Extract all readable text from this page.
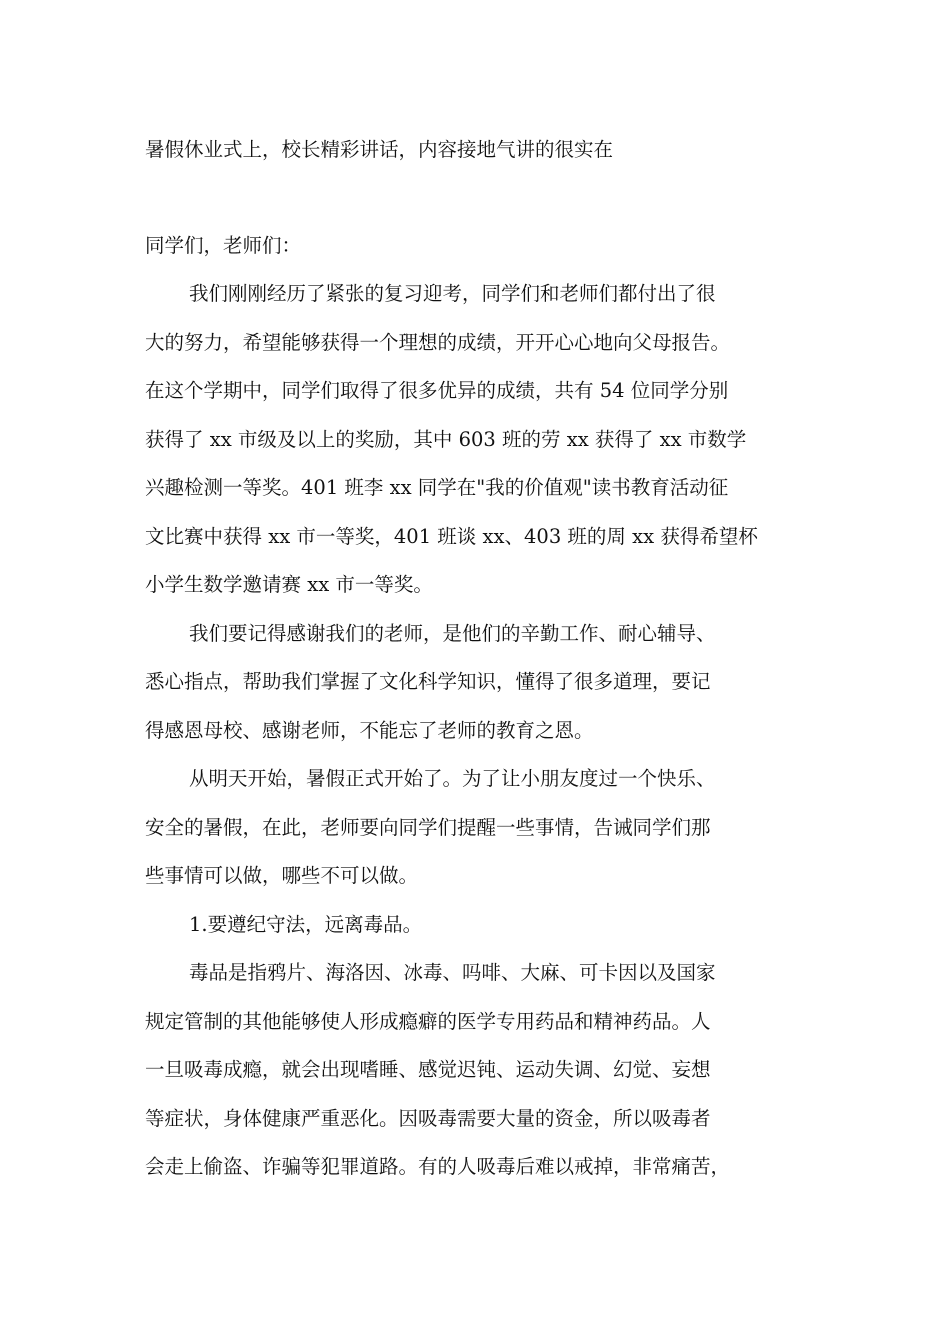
暑假休业式上，校长精彩讲话，内容接地气讲的很实在

同学们，老师们：

我们刚刚经历了紧张的复习迎考，同学们和老师们都付出了很
大的努力，希望能够获得一个理想的成绩，开开心心地向父母报告。
在这个学期中，同学们取得了很多优异的成绩，共有 54 位同学分别
获得了 xx 市级及以上的奖励，其中 603 班的劳 xx 获得了 xx 市数学
兴趣检测一等奖。401 班李 xx 同学在"我的价值观"读书教育活动征
文比赛中获得 xx 市一等奖，401 班谈 xx、403 班的周 xx 获得希望杯
小学生数学邀请赛 xx 市一等奖。
我们要记得感谢我们的老师，是他们的辛勤工作、耐心辅导、
悉心指点，帮助我们掌握了文化科学知识，懂得了很多道理，要记
得感恩母校、感谢老师，不能忘了老师的教育之恩。
从明天开始，暑假正式开始了。为了让小朋友度过一个快乐、
安全的暑假，在此，老师要向同学们提醒一些事情，告诫同学们那
些事情可以做，哪些不可以做。
1.要遵纪守法，远离毒品。
毒品是指鸦片、海洛因、冰毒、吗啡、大麻、可卡因以及国家
规定管制的其他能够使人形成瘾癖的医学专用药品和精神药品。人
一旦吸毒成瘾，就会出现嗜睡、感觉迟钝、运动失调、幻觉、妄想
等症状，身体健康严重恶化。因吸毒需要大量的资金，所以吸毒者
会走上偷盗、诈骗等犯罪道路。有的人吸毒后难以戒掉，非常痛苦，
